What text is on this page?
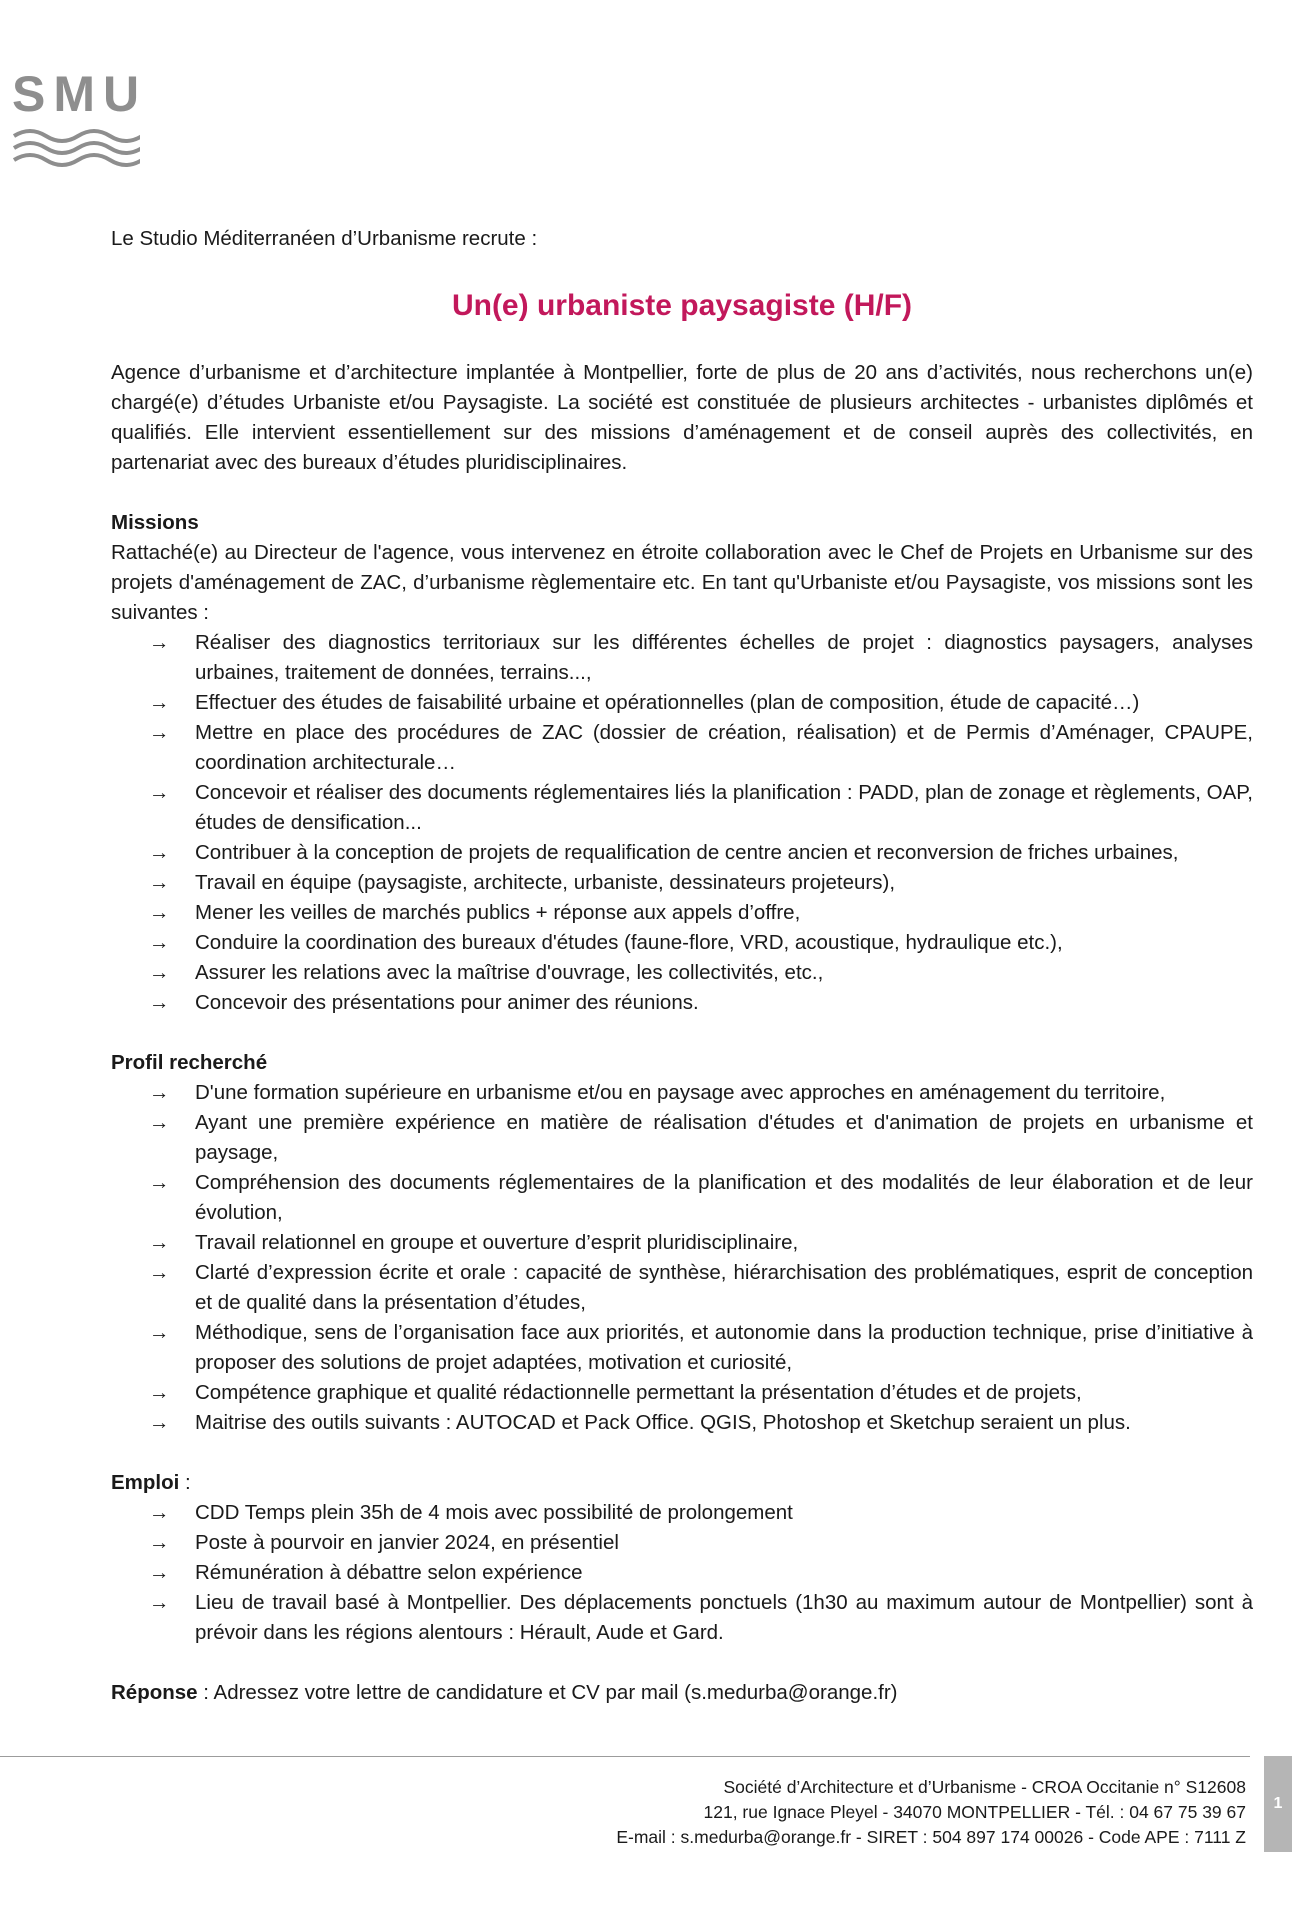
SMU

Le Studio Méditerranéen d’Urbanisme recrute :

Un(e) urbaniste paysagiste (H/F)

Agence d’urbanisme et d’architecture implantée à Montpellier, forte de plus de 20 ans d’activités, nous recherchons un(e) chargé(e) d’études Urbaniste et/ou Paysagiste. La société est constituée de plusieurs architectes - urbanistes diplômés et qualifiés. Elle intervient essentiellement sur des missions d’aménagement et de conseil auprès des collectivités, en partenariat avec des bureaux d’études pluridisciplinaires.

Missions

Rattaché(e) au Directeur de l'agence, vous intervenez en étroite collaboration avec le Chef de Projets en Urbanisme sur des projets d'aménagement de ZAC, d’urbanisme règlementaire etc. En tant qu'Urbaniste et/ou Paysagiste, vos missions sont les suivantes :

→ Réaliser des diagnostics territoriaux sur les différentes échelles de projet : diagnostics paysagers, analyses urbaines, traitement de données, terrains...,
→ Effectuer des études de faisabilité urbaine et opérationnelles (plan de composition, étude de capacité…)
→ Mettre en place des procédures de ZAC (dossier de création, réalisation) et de Permis d’Aménager, CPAUPE, coordination architecturale…
→ Concevoir et réaliser des documents réglementaires liés la planification : PADD, plan de zonage et règlements, OAP, études de densification...
→ Contribuer à la conception de projets de requalification de centre ancien et reconversion de friches urbaines,
→ Travail en équipe (paysagiste, architecte, urbaniste, dessinateurs projeteurs),
→ Mener les veilles de marchés publics + réponse aux appels d’offre,
→ Conduire la coordination des bureaux d'études (faune-flore, VRD, acoustique, hydraulique etc.),
→ Assurer les relations avec la maîtrise d'ouvrage, les collectivités, etc.,
→ Concevoir des présentations pour animer des réunions.

Profil recherché

→ D'une formation supérieure en urbanisme et/ou en paysage avec approches en aménagement du territoire,
→ Ayant une première expérience en matière de réalisation d'études et d'animation de projets en urbanisme et paysage,
→ Compréhension des documents réglementaires de la planification et des modalités de leur élaboration et de leur évolution,
→ Travail relationnel en groupe et ouverture d’esprit pluridisciplinaire,
→ Clarté d’expression écrite et orale : capacité de synthèse, hiérarchisation des problématiques, esprit de conception et de qualité dans la présentation d’études,
→ Méthodique, sens de l’organisation face aux priorités, et autonomie dans la production technique, prise d’initiative à proposer des solutions de projet adaptées, motivation et curiosité,
→ Compétence graphique et qualité rédactionnelle permettant la présentation d’études et de projets,
→ Maitrise des outils suivants : AUTOCAD et Pack Office. QGIS, Photoshop et Sketchup seraient un plus.

Emploi :

→ CDD Temps plein 35h de 4 mois avec possibilité de prolongement
→ Poste à pourvoir en janvier 2024, en présentiel
→ Rémunération à débattre selon expérience
→ Lieu de travail basé à Montpellier. Des déplacements ponctuels (1h30 au maximum autour de Montpellier) sont à prévoir dans les régions alentours : Hérault, Aude et Gard.

Réponse : Adressez votre lettre de candidature et CV par mail (s.medurba@orange.fr)

Société d’Architecture et d’Urbanisme - CROA Occitanie n° S12608
121, rue Ignace Pleyel - 34070 MONTPELLIER - Tél. : 04 67 75 39 67
E-mail : s.medurba@orange.fr - SIRET : 504 897 174 00026 - Code APE : 7111 Z
1
